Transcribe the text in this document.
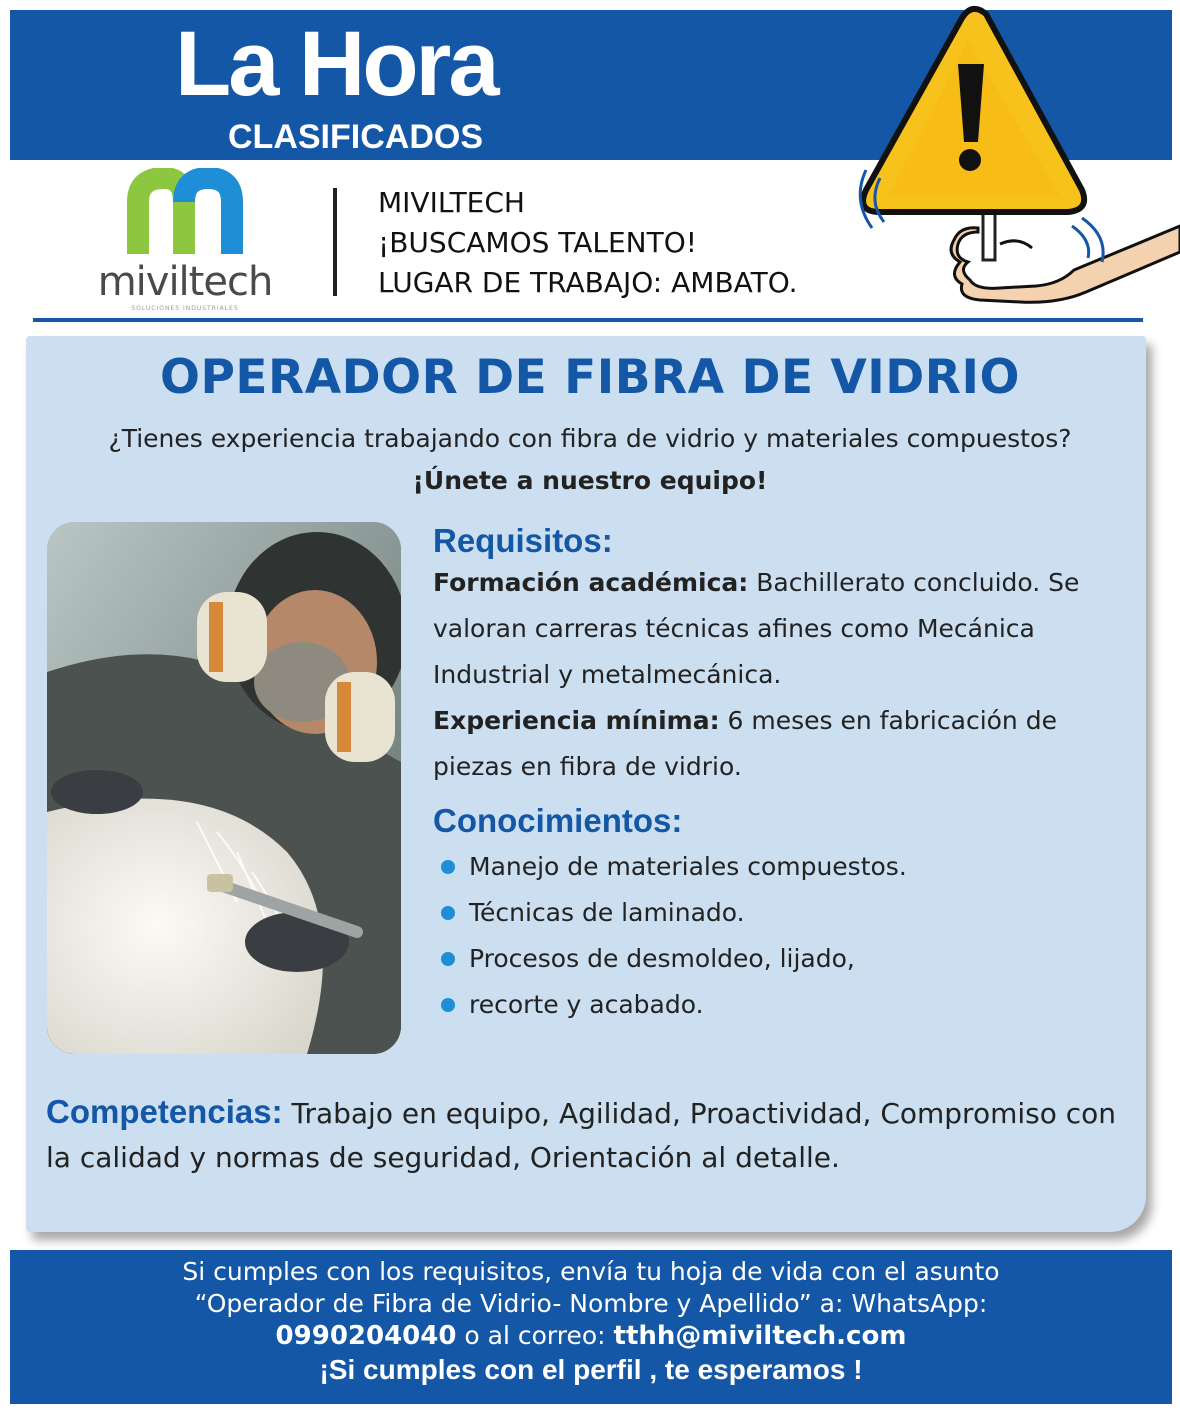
La Hora
CLASIFICADOS
miviltech
SOLUCIONES INDUSTRIALES
MIVILTECH
¡BUSCAMOS TALENTO!
LUGAR DE TRABAJO: AMBATO.
OPERADOR DE FIBRA DE VIDRIO
¿Tienes experiencia trabajando con fibra de vidrio y materiales compuestos? ¡Únete a nuestro equipo!
Requisitos:
Formación académica: Bachillerato concluido. Se valoran carreras técnicas afines como Mecánica Industrial y metalmecánica.
Experiencia mínima: 6 meses en fabricación de piezas en fibra de vidrio.
Conocimientos:
Manejo de materiales compuestos.
Técnicas de laminado.
Procesos de desmoldeo, lijado,
recorte y acabado.
Competencias: Trabajo en equipo, Agilidad, Proactividad, Compromiso con la calidad y normas de seguridad, Orientación al detalle.
Si cumples con los requisitos, envía tu hoja de vida con el asunto
“Operador de Fibra de Vidrio- Nombre y Apellido” a: WhatsApp:
0990204040 o al correo: tthh@miviltech.com
¡Si cumples con el perfil , te esperamos !
